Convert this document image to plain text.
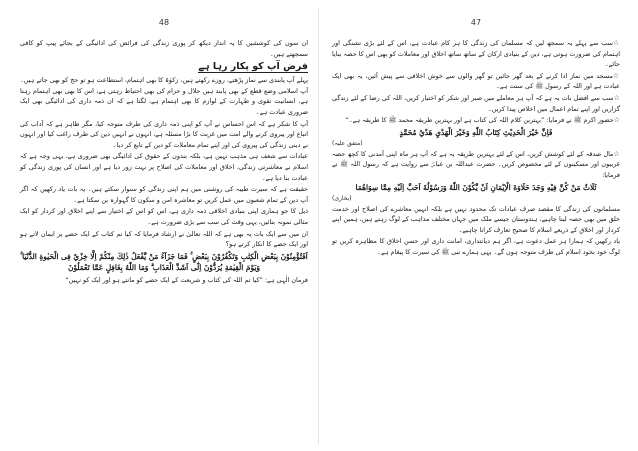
48

ان سوں کی کوششیں کا یہ انداز دیکھ کر پوری زندگی کی فرائض کی ادائیگی کے بجائے پیپ کو کافی سمجھتے ہیں۔

فرض آپ کو پکار رہا ہے

پہلے آپ پابندی سے نماز پڑھتے، روزے رکھتے ہیں، زکوٰۃ کا بھی اہتمام، استطاعت ہو تو حج کو بھی جاتے ہیں۔ آپ اسلامی وضع قطع کے بھی پابند ہیں حلال و حرام کی بھی احتیاط رہتی ہے، اس کا بھی بھی اہتمام رہتا ہے، انسانیت تقوی و طہارت کے لوازم کا بھی اہتمام ہے، لگتا ہے کہ ان ذمہ داری کی ادائیگی بھی ایک ضروری عبادت ہے۔

آپ کا شکر ہے کہ اس احساس نے آپ کو اپنی ذمہ داری کی طرف متوجہ کیا، مگر ظاہر ہے کہ آداب کی اتباع اور پیروی کرنے والے امت میں غربت کا بڑا مسئلہ ہے، انہوں نے انہیں دین کی طرف راغب کیا اور انہوں نے دینی زندگی کی پیروی کی اور اپنے تمام معاملات کو دین کے تابع کر دیا۔

عبادات سے شغف ہی مذہب نہیں ہے، بلکہ بندوں کے حقوق کی ادائیگی بھی ضروری ہے، یہی وجہ ہے کہ اسلام نے معاشرتی زندگی، اخلاق اور معاملات کی اصلاح پر بہت زور دیا ہے اور انسان کی پوری زندگی کو عبادت بنا دیا ہے۔

حقیقت ہے کہ سیرت طیبہ کی روشنی میں ہم اپنی زندگی کو سنوار سکتے ہیں۔ یہ بات یاد رکھیں کہ اگر آپ دین کے تمام شعبوں میں عمل کریں تو معاشرہ امن و سکون کا گہوارہ بن سکتا ہے۔

ذیل کا جو ہماری اپنی بنیادی اخلاقی ذمہ داری ہے، اس کو اس کے اختیار سے اپنے اخلاق اور کردار کو ایک مثالی نمونہ بنائیں، یہی وقت کی سب سے بڑی ضرورت ہے۔

ان میں سے ایک بات یہ بھی ہے کہ اللہ تعالیٰ نے ارشاد فرمایا کہ کیا تم کتاب کے ایک حصے پر ایمان لاتے ہو اور ایک حصے کا انکار کرتے ہو؟

اَفَتُؤْمِنُوْنَ بِبَعْضِ الْكِتٰبِ وَتَكْفُرُوْنَ بِبَعْضٍ ۚ فَمَا جَزَآءُ مَنْ يَّفْعَلُ ذٰلِكَ مِنْكُمْ اِلَّا خِزْيٌ فِى الْحَيٰوةِ الدُّنْيَا ۚ وَيَوْمَ الْقِيٰمَةِ يُرَدُّوْنَ اِلٰٓى اَشَدِّ الْعَذَابِ ۗ وَمَا اللّٰهُ بِغَافِلٍ عَمَّا تَعْمَلُوْنَ

فرمان الٰہی ہے: ”کیا تم اللہ کی کتاب و شریعت کے ایک حصے کو مانتے ہو اور ایک کو نہیں“

47

☆ سب سے پہلے یہ سمجھ لیں کہ مسلمان کی زندگی کا ہر کام عبادت ہے، اس کے لئے بڑی تشنگی اور اہتمام کی ضرورت ہوتی ہے، دین کے بنیادی ارکان کے ساتھ ساتھ اخلاق اور معاملات کو بھی اس کا حصہ بنایا جائے۔

☆ مسجد میں نماز ادا کرنے کے بعد گھر جائیں تو گھر والوں سے خوش اخلاقی سے پیش آئیں، یہ بھی ایک عبادت ہے اور اللہ کے رسول ﷺ کی سنت ہے۔

☆ سب سے افضل بات یہ ہے کہ آپ ہر معاملے میں صبر اور شکر کو اختیار کریں، اللہ کی رضا کے لئے زندگی گزاریں اور اپنے تمام اعمال میں اخلاص پیدا کریں۔

☆ حضور اکرم ﷺ نے فرمایا: ”بہترین کلام اللہ کی کتاب ہے اور بہترین طریقہ محمد ﷺ کا طریقہ ہے۔“

فَاِنَّ خَيْرَ الْحَدِيْثِ كِتَابُ اللّٰهِ وَخَيْرَ الْهَدْيِ هَدْيُ مُحَمَّدٍ

(متفق علیہ)

☆ مال صدقہ کے لئے کوشش کریں، اس کے لئے بہترین طریقہ یہ ہے کہ آپ ہر ماہ اپنی آمدنی کا کچھ حصہ غریبوں اور مسکینوں کے لئے مخصوص کریں۔ حضرت عبداللہ بن عباسؓ سے روایت ہے کہ رسول اللہ ﷺ نے فرمایا:

ثَلَاثٌ مَنْ كُنَّ فِيْهِ وَجَدَ حَلَاوَةَ الْاِيْمَانِ اَنْ يَّكُوْنَ اللّٰهُ وَرَسُوْلُهٗ اَحَبَّ اِلَيْهِ مِمَّا سِوَاهُمَا

(بخاری)

مسلمانوں کی زندگی کا مقصد صرف عبادات تک محدود نہیں ہے بلکہ انہیں معاشرے کی اصلاح اور خدمت خلق میں بھی حصہ لینا چاہیے، ہندوستان جیسے ملک میں جہاں مختلف مذاہب کے لوگ رہتے ہیں، ہمیں اپنے کردار اور اخلاق کے ذریعے اسلام کا صحیح تعارف کرانا چاہیے۔

یاد رکھیں کہ ہمارا ہر عمل دعوت ہے، اگر ہم دیانتداری، امانت داری اور حسن اخلاق کا مظاہرہ کریں تو لوگ خود بخود اسلام کی طرف متوجہ ہوں گے۔ یہی ہمارے نبی ﷺ کی سیرت کا پیغام ہے۔
